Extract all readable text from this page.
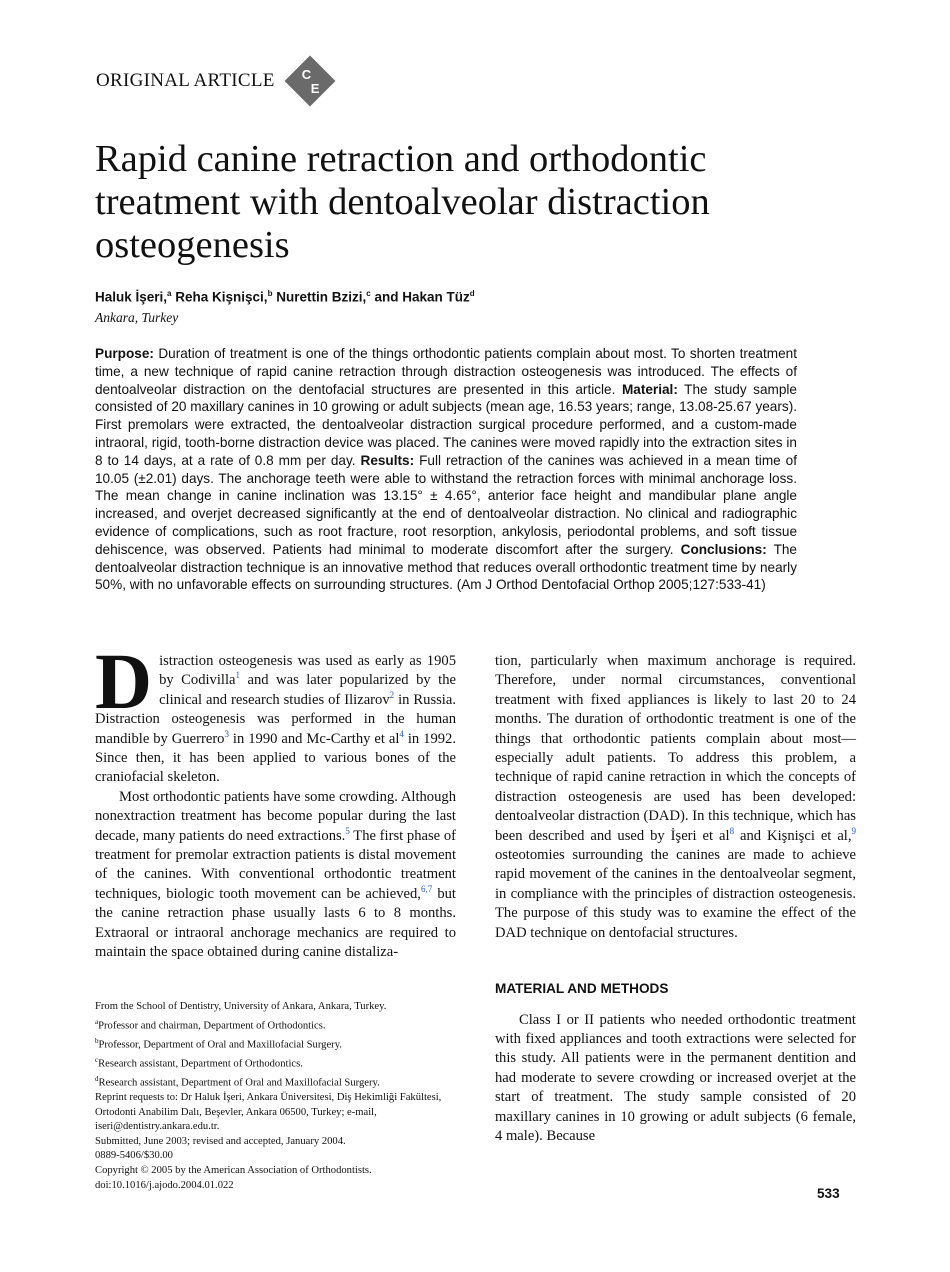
ORIGINAL ARTICLE C
E
Rapid canine retraction and orthodontic treatment with dentoalveolar distraction osteogenesis
Haluk İşeri,$^a$ Reha Kişnişci,$^b$ Nurettin Bzizi,$^c$ and Hakan Tüz$^d$
Ankara, Turkey

Purpose: Duration of treatment is one of the things orthodontic patients complain about most. To shorten treatment time, a new technique of rapid canine retraction through distraction osteogenesis was introduced. The effects of dentoalveolar distraction on the dentofacial structures are presented in this article. Material: The study sample consisted of 20 maxillary canines in 10 growing or adult subjects (mean age, 16.53 years; range, 13.08-25.67 years). First premolars were extracted, the dentoalveolar distraction surgical procedure performed, and a custom-made intraoral, rigid, tooth-borne distraction device was placed. The canines were moved rapidly into the extraction sites in 8 to 14 days, at a rate of 0.8 mm per day. Results: Full retraction of the canines was achieved in a mean time of 10.05 (±2.01) days. The anchorage teeth were able to withstand the retraction forces with minimal anchorage loss. The mean change in canine inclination was 13.15° ± 4.65°, anterior face height and mandibular plane angle increased, and overjet decreased significantly at the end of dentoalveolar distraction. No clinical and radiographic evidence of complications, such as root fracture, root resorption, ankylosis, periodontal problems, and soft tissue dehiscence, was observed. Patients had minimal to moderate discomfort after the surgery. Conclusions: The dentoalveolar distraction technique is an innovative method that reduces overall orthodontic treatment time by nearly 50%, with no unfavorable effects on surrounding structures. (Am J Orthod Dentofacial Orthop 2005;127:533-41)

Distraction osteogenesis was used as early as 1905 by Codivilla$^1$ and was later popularized by the clinical and research studies of Ilizarov$^2$ in Russia. Distraction osteogenesis was performed in the human mandible by Guerrero$^3$ in 1990 and Mc-Carthy et $al^4$ in 1992. Since then, it has been applied to various bones of the craniofacial skeleton.

Most orthodontic patients have some crowding. Although nonextraction treatment has become popular during the last decade, many patients do need extractions.$^5$ The first phase of treatment for premolar extraction patients is distal movement of the canines. With conventional orthodontic treatment techniques, biologic tooth movement can be achieved,$^{6,7}$ but the canine retraction phase usually lasts 6 to 8 months. Extraoral or intraoral anchorage mechanics are required to maintain the space obtained during canine distaliza-

tion, particularly when maximum anchorage is required. Therefore, under normal circumstances, conventional treatment with fixed appliances is likely to last 20 to 24 months. The duration of orthodontic treatment is one of the things that orthodontic patients complain about most—especially adult patients. To address this problem, a technique of rapid canine retraction in which the concepts of distraction osteogenesis are used has been developed: dentoalveolar distraction (DAD). In this technique, which has been described and used by İşeri et $al^8$ and Kişnişci et al,$^9$ osteotomies surrounding the canines are made to achieve rapid movement of the canines in the dentoalveolar segment, in compliance with the principles of distraction osteogenesis. The purpose of this study was to examine the effect of the DAD technique on dentofacial structures.

MATERIAL AND METHODS

Class I or II patients who needed orthodontic treatment with fixed appliances and tooth extractions were selected for this study. All patients were in the permanent dentition and had moderate to severe crowding or increased overjet at the start of treatment. The study sample consisted of 20 maxillary canines in 10 growing or adult subjects (6 female, 4 male). Because

From the School of Dentistry, University of Ankara, Ankara, Turkey.
$^a$Professor and chairman, Department of Orthodontics.
$^b$Professor, Department of Oral and Maxillofacial Surgery.
$^c$Research assistant, Department of Orthodontics.
$^d$Research assistant, Department of Oral and Maxillofacial Surgery.
Reprint requests to: Dr Haluk İşeri, Ankara Üniversitesi, Diş Hekimliği Fakültesi, Ortodonti Anabilim Dalı, Beşevler, Ankara 06500, Turkey; e-mail, iseri@dentistry.ankara.edu.tr.
Submitted, June 2003; revised and accepted, January 2004.
0889-5406/$30.00
Copyright © 2005 by the American Association of Orthodontists.
doi:10.1016/j.ajodo.2004.01.022
533
